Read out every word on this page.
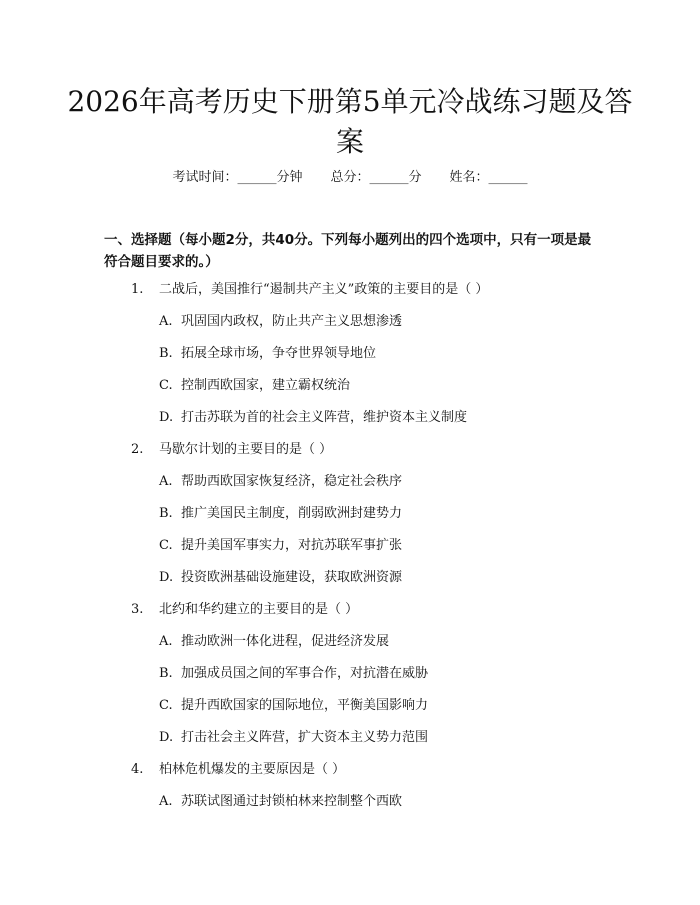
2026年高考历史下册第5单元冷战练习题及答案
考试时间：______分钟 总分：______分 姓名：______
一、选择题（每小题2分，共40分。下列每小题列出的四个选项中，只有一项是最符合题目要求的。）
1. 二战后，美国推行“遏制共产主义”政策的主要目的是（ ）
A. 巩固国内政权，防止共产主义思想渗透
B. 拓展全球市场，争夺世界领导地位
C. 控制西欧国家，建立霸权统治
D. 打击苏联为首的社会主义阵营，维护资本主义制度
2. 马歇尔计划的主要目的是（ ）
A. 帮助西欧国家恢复经济，稳定社会秩序
B. 推广美国民主制度，削弱欧洲封建势力
C. 提升美国军事实力，对抗苏联军事扩张
D. 投资欧洲基础设施建设，获取欧洲资源
3. 北约和华约建立的主要目的是（ ）
A. 推动欧洲一体化进程，促进经济发展
B. 加强成员国之间的军事合作，对抗潜在威胁
C. 提升西欧国家的国际地位，平衡美国影响力
D. 打击社会主义阵营，扩大资本主义势力范围
4. 柏林危机爆发的主要原因是（ ）
A. 苏联试图通过封锁柏林来控制整个西欧
